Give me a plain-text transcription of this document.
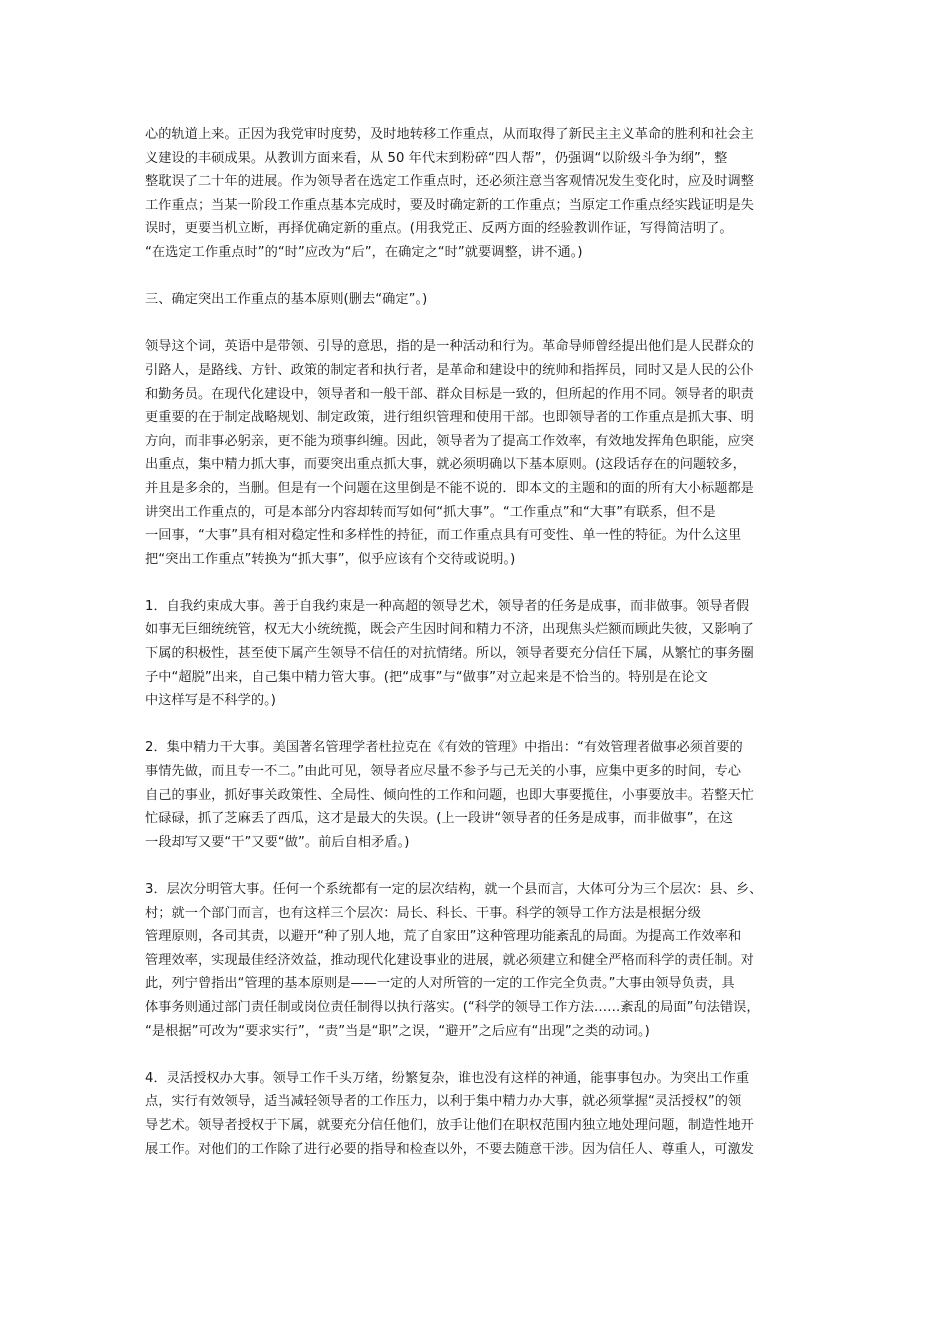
心的轨道上来。正因为我党审时度势，及时地转移工作重点，从而取得了新民主主义革命的胜利和社会主
义建设的丰硕成果。从教训方面来看，从 50 年代末到粉碎“四人帮”，仍强调“以阶级斗争为纲”，整
整耽误了二十年的进展。作为领导者在选定工作重点时，还必须注意当客观情况发生变化时，应及时调整
工作重点；当某一阶段工作重点基本完成时，要及时确定新的工作重点；当原定工作重点经实践证明是失
误时，更要当机立断，再择优确定新的重点。(用我党正、反两方面的经验教训作证，写得简洁明了。
“在选定工作重点时”的“时”应改为“后”，在确定之“时”就要调整，讲不通。)
三、确定突出工作重点的基本原则(删去“确定”。)
领导这个词，英语中是带领、引导的意思，指的是一种活动和行为。革命导师曾经提出他们是人民群众的
引路人，是路线、方针、政策的制定者和执行者，是革命和建设中的统帅和指挥员，同时又是人民的公仆
和勤务员。在现代化建设中，领导者和一般干部、群众目标是一致的，但所起的作用不同。领导者的职责
更重要的在于制定战略规划、制定政策，进行组织管理和使用干部。也即领导者的工作重点是抓大事、明
方向，而非事必躬亲，更不能为琐事纠缠。因此，领导者为了提高工作效率，有效地发挥角色职能，应突
出重点，集中精力抓大事，而要突出重点抓大事，就必须明确以下基本原则。(这段话存在的问题较多，
并且是多余的，当删。但是有一个问题在这里倒是不能不说的．即本文的主题和的面的所有大小标题都是
讲突出工作重点的，可是本部分内容却转而写如何“抓大事”。“工作重点”和“大事”有联系，但不是
一回事，“大事”具有相对稳定性和多样性的持征，而工作重点具有可变性、单一性的特征。为什么这里
把“突出工作重点”转换为“抓大事”，似乎应该有个交待或说明。)
1．自我约束成大事。善于自我约束是一种高超的领导艺术，领导者的任务是成事，而非做事。领导者假
如事无巨细统统管，权无大小统统揽，既会产生因时间和精力不济，出现焦头烂额而顾此失彼，又影响了
下属的积极性，甚至使下属产生领导不信任的对抗情绪。所以，领导者要充分信任下属，从繁忙的事务圈
子中“超脱”出来，自己集中精力管大事。(把“成事”与“做事”对立起来是不恰当的。特别是在论文
中这样写是不科学的。)
2．集中精力干大事。美国著名管理学者杜拉克在《有效的管理》中指出：“有效管理者做事必须首要的
事情先做，而且专一不二。”由此可见，领导者应尽量不参予与己无关的小事，应集中更多的时间，专心
自己的事业，抓好事关政策性、全局性、倾向性的工作和问题，也即大事要揽住，小事要放丰。若整天忙
忙碌碌，抓了芝麻丢了西瓜，这才是最大的失误。(上一段讲“领导者的任务是成事，而非做事”，在这
一段却写又要“干”又要“做”。前后自相矛盾。)
3．层次分明管大事。任何一个系统都有一定的层次结构，就一个县而言，大体可分为三个层次：县、乡、
村；就一个部门而言，也有这样三个层次：局长、科长、干事。科学的领导工作方法是根据分级
管理原则，各司其责，以避开“种了别人地，荒了自家田”这种管理功能紊乱的局面。为提高工作效率和
管理效率，实现最佳经济效益，推动现代化建设事业的进展，就必须建立和健全严格而科学的责任制。对
此，列宁曾指出“管理的基本原则是——一定的人对所管的一定的工作完全负责。”大事由领导负责，具
体事务则通过部门责任制或岗位责任制得以执行落实。(“科学的领导工作方法……紊乱的局面”句法错误，
“是根据”可改为“要求实行”，“责”当是“职”之误，“避开”之后应有“出现”之类的动词。)
4．灵活授权办大事。领导工作千头万绪，纷繁复杂，谁也没有这样的神通，能事事包办。为突出工作重
点，实行有效领导，适当减轻领导者的工作压力，以利于集中精力办大事，就必须掌握“灵活授权”的领
导艺术。领导者授权于下属，就要充分信任他们，放手让他们在职权范围内独立地处理问题，制造性地开
展工作。对他们的工作除了进行必要的指导和检查以外，不要去随意干涉。因为信任人、尊重人，可激发
